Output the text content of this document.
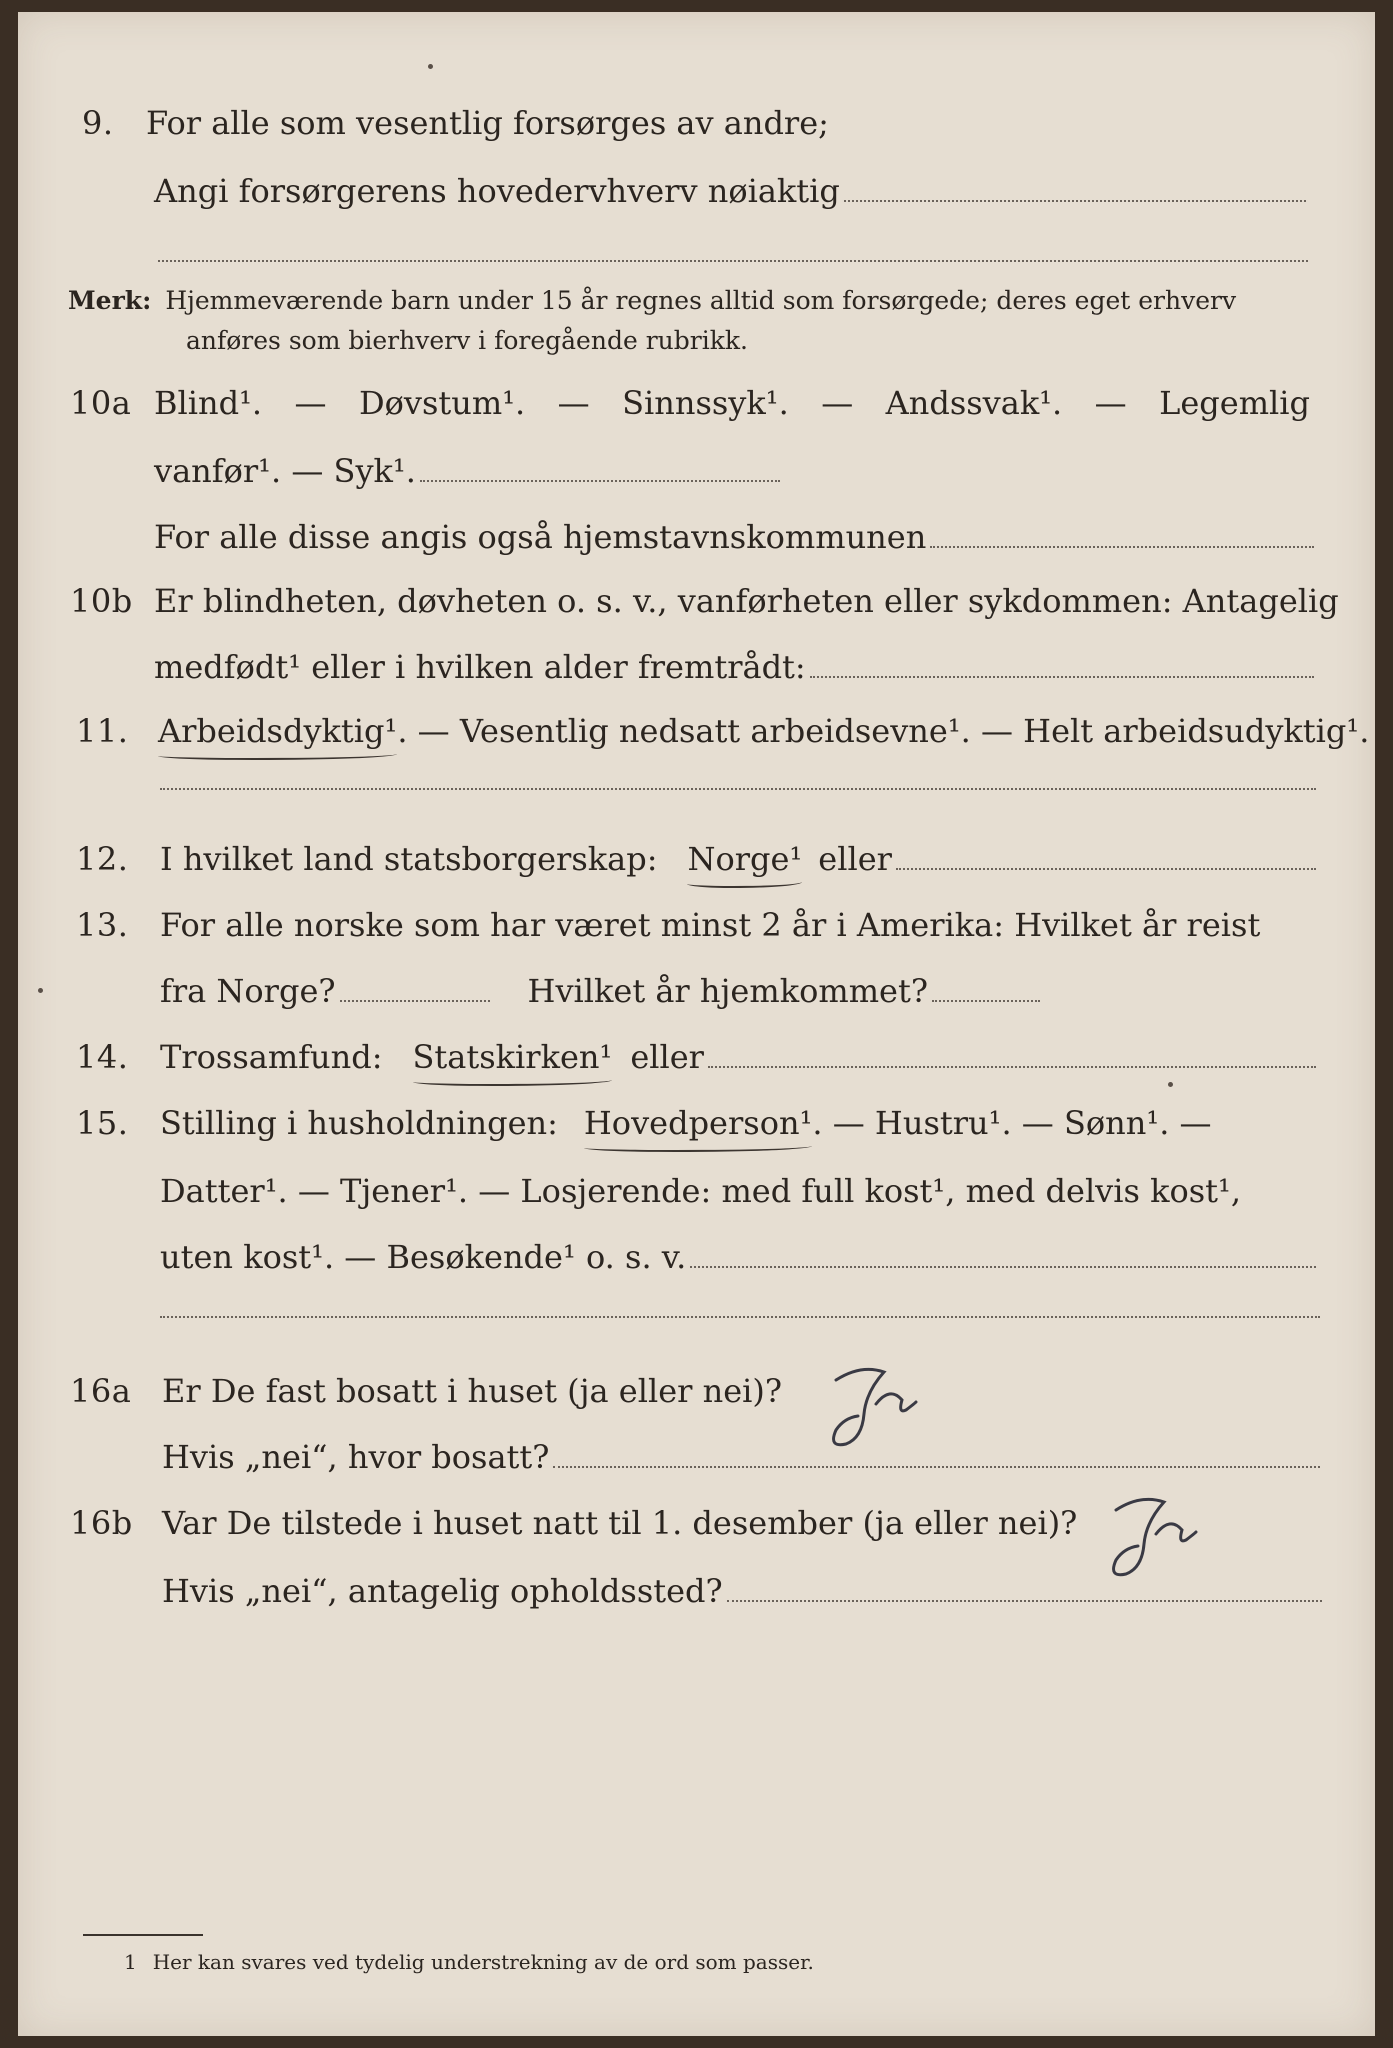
9. For alle som vesentlig forsørges av andre;
Angi forsørgerens hovedervhverv nøiaktig
Merk: Hjemmeværende barn under 15 år regnes alltid som forsørgede; deres eget erhverv
anføres som bierhverv i foregående rubrikk.
10a Blind¹. — Døvstum¹. — Sinnssyk¹. — Andssvak¹. — Legemlig
vanfør¹. — Syk¹.
For alle disse angis også hjemstavnskommunen
10b Er blindheten, døvheten o. s. v., vanførheten eller sykdommen: Antagelig
medfødt¹ eller i hvilken alder fremtrådt:
11. Arbeidsdyktig¹ . — Vesentlig nedsatt arbeidsevne¹. — Helt arbeidsudyktig¹.
12. I hvilket land statsborgerskap: Norge¹ eller
13. For alle norske som har været minst 2 år i Amerika: Hvilket år reist
fra Norge?	Hvilket år hjemkommet?
14. Trossamfund: Statskirken¹ eller
15. Stilling i husholdningen: Hovedperson¹ . — Hustru¹. — Sønn¹. —
Datter¹. — Tjener¹. — Losjerende: med full kost¹, med delvis kost¹,
uten kost¹. — Besøkende¹ o. s. v.
16a Er De fast bosatt i huset (ja eller nei)?
Hvis „nei“, hvor bosatt?
16b Var De tilstede i huset natt til 1. desember (ja eller nei)?
Hvis „nei“, antagelig opholdssted?
1 Her kan svares ved tydelig understrekning av de ord som passer.
